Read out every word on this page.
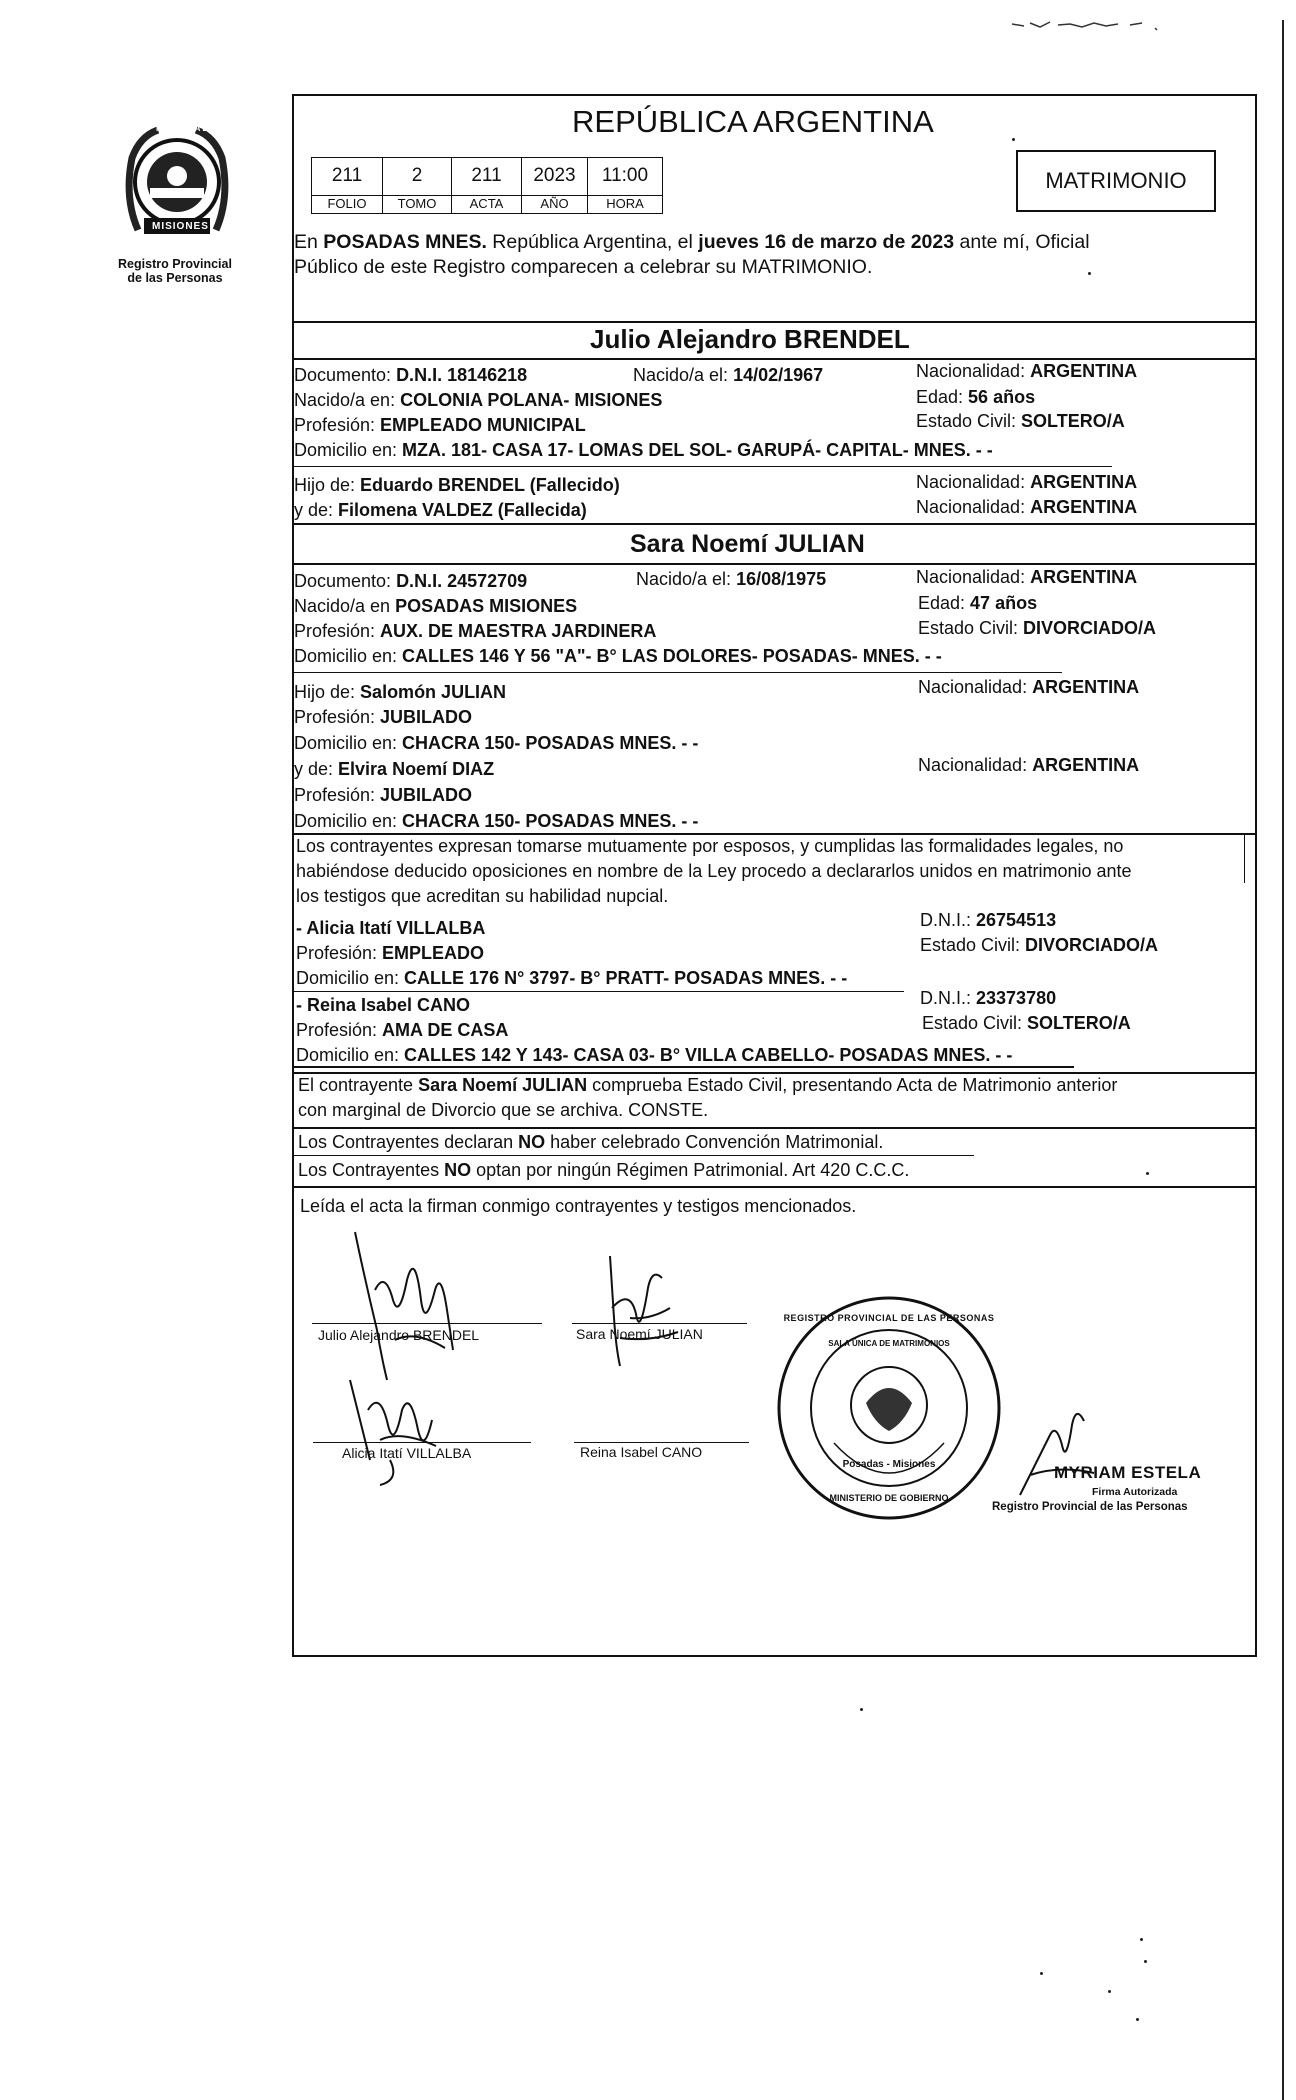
PROVINCIA DE
MISIONES
Registro Provincial
de las Personas
REPÚBLICA ARGENTINA
211	2	211	2023	11:00
FOLIO	TOMO	ACTA	AÑO	HORA
MATRIMONIO
En POSADAS MNES. República Argentina, el jueves 16 de marzo de 2023 ante mí, Oficial
Público de este Registro comparecen a celebrar su MATRIMONIO.
Julio Alejandro BRENDEL
Documento: D.N.I. 18146218	Nacido/a el: 14/02/1967	Nacionalidad: ARGENTINA
Nacido/a en: COLONIA POLANA- MISIONES	Edad: 56 años
Profesión: EMPLEADO MUNICIPAL	Estado Civil: SOLTERO/A
Domicilio en: MZA. 181- CASA 17- LOMAS DEL SOL- GARUPÁ- CAPITAL- MNES. - -
Hijo de: Eduardo BRENDEL (Fallecido)	Nacionalidad: ARGENTINA
y de: Filomena VALDEZ (Fallecida)	Nacionalidad: ARGENTINA
Sara Noemí JULIAN
Documento: D.N.I. 24572709	Nacido/a el: 16/08/1975	Nacionalidad: ARGENTINA
Nacido/a en POSADAS MISIONES	Edad: 47 años
Profesión: AUX. DE MAESTRA JARDINERA	Estado Civil: DIVORCIADO/A
Domicilio en: CALLES 146 Y 56 "A"- B° LAS DOLORES- POSADAS- MNES. - -
Hijo de: Salomón JULIAN	Nacionalidad: ARGENTINA
Profesión: JUBILADO
Domicilio en: CHACRA 150- POSADAS MNES. - -
y de: Elvira Noemí DIAZ	Nacionalidad: ARGENTINA
Profesión: JUBILADO
Domicilio en: CHACRA 150- POSADAS MNES. - -
Los contrayentes expresan tomarse mutuamente por esposos, y cumplidas las formalidades legales, no
habiéndose deducido oposiciones en nombre de la Ley procedo a declararlos unidos en matrimonio ante
los testigos que acreditan su habilidad nupcial.
- Alicia Itatí VILLALBA	D.N.I.: 26754513
Profesión: EMPLEADO	Estado Civil: DIVORCIADO/A
Domicilio en: CALLE 176 N° 3797- B° PRATT- POSADAS MNES. - -
- Reina Isabel CANO	D.N.I.: 23373780
Profesión: AMA DE CASA	Estado Civil: SOLTERO/A
Domicilio en: CALLES 142 Y 143- CASA 03- B° VILLA CABELLO- POSADAS MNES. - -
El contrayente Sara Noemí JULIAN comprueba Estado Civil, presentando Acta de Matrimonio anterior
con marginal de Divorcio que se archiva. CONSTE.
Los Contrayentes declaran NO haber celebrado Convención Matrimonial.
Los Contrayentes NO optan por ningún Régimen Patrimonial. Art 420 C.C.C.
Leída el acta la firman conmigo contrayentes y testigos mencionados.
Julio Alejandro BRENDEL	Sara Noemí JULIAN
Alicia Itatí VILLALBA	Reina Isabel CANO
REGISTRO PROVINCIAL DE LAS PERSONAS
SALA ÚNICA DE MATRIMONIOS
Posadas - Misiones
MINISTERIO DE GOBIERNO
MYRIAM ESTELA
Firma Autorizada
Registro Provincial de las Personas
